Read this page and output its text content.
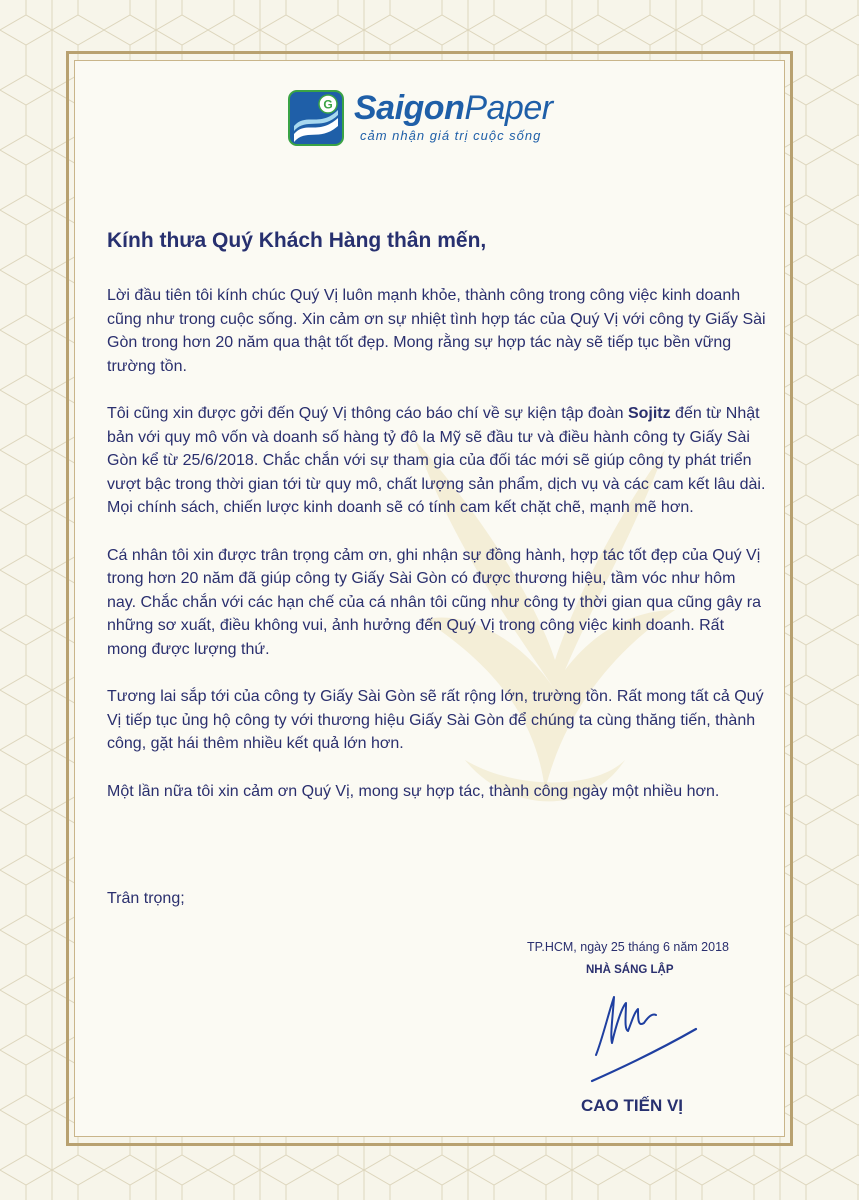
G SaigonPaper
cảm nhận giá trị cuộc sống
Kính thưa Quý Khách Hàng thân mến,

Lời đầu tiên tôi kính chúc Quý Vị luôn mạnh khỏe, thành công trong công việc kinh doanh cũng như trong cuộc sống. Xin cảm ơn sự nhiệt tình hợp tác của Quý Vị với công ty Giấy Sài Gòn trong hơn 20 năm qua thật tốt đẹp. Mong rằng sự hợp tác này sẽ tiếp tục bền vững trường tồn.

Tôi cũng xin được gởi đến Quý Vị thông cáo báo chí về sự kiện tập đoàn Sojitz đến từ Nhật bản với quy mô vốn và doanh số hàng tỷ đô la Mỹ sẽ đầu tư và điều hành công ty Giấy Sài Gòn kể từ 25/6/2018. Chắc chắn với sự tham gia của đối tác mới sẽ giúp công ty phát triển vượt bậc trong thời gian tới từ quy mô, chất lượng sản phẩm, dịch vụ và các cam kết lâu dài. Mọi chính sách, chiến lược kinh doanh sẽ có tính cam kết chặt chẽ, mạnh mẽ hơn.

Cá nhân tôi xin được trân trọng cảm ơn, ghi nhận sự đồng hành, hợp tác tốt đẹp của Quý Vị trong hơn 20 năm đã giúp công ty Giấy Sài Gòn có được thương hiệu, tầm vóc như hôm nay. Chắc chắn với các hạn chế của cá nhân tôi cũng như công ty thời gian qua cũng gây ra những sơ xuất, điều không vui, ảnh hưởng đến Quý Vị trong công việc kinh doanh. Rất mong được lượng thứ.

Tương lai sắp tới của công ty Giấy Sài Gòn sẽ rất rộng lớn, trường tồn. Rất mong tất cả Quý Vị tiếp tục ủng hộ công ty với thương hiệu Giấy Sài Gòn để chúng ta cùng thăng tiến, thành công, gặt hái thêm nhiều kết quả lớn hơn.

Một lần nữa tôi xin cảm ơn Quý Vị, mong sự hợp tác, thành công ngày một nhiều hơn.

Trân trọng;
TP.HCM, ngày 25 tháng 6 năm 2018
NHÀ SÁNG LẬP
CAO TIẾN VỊ
